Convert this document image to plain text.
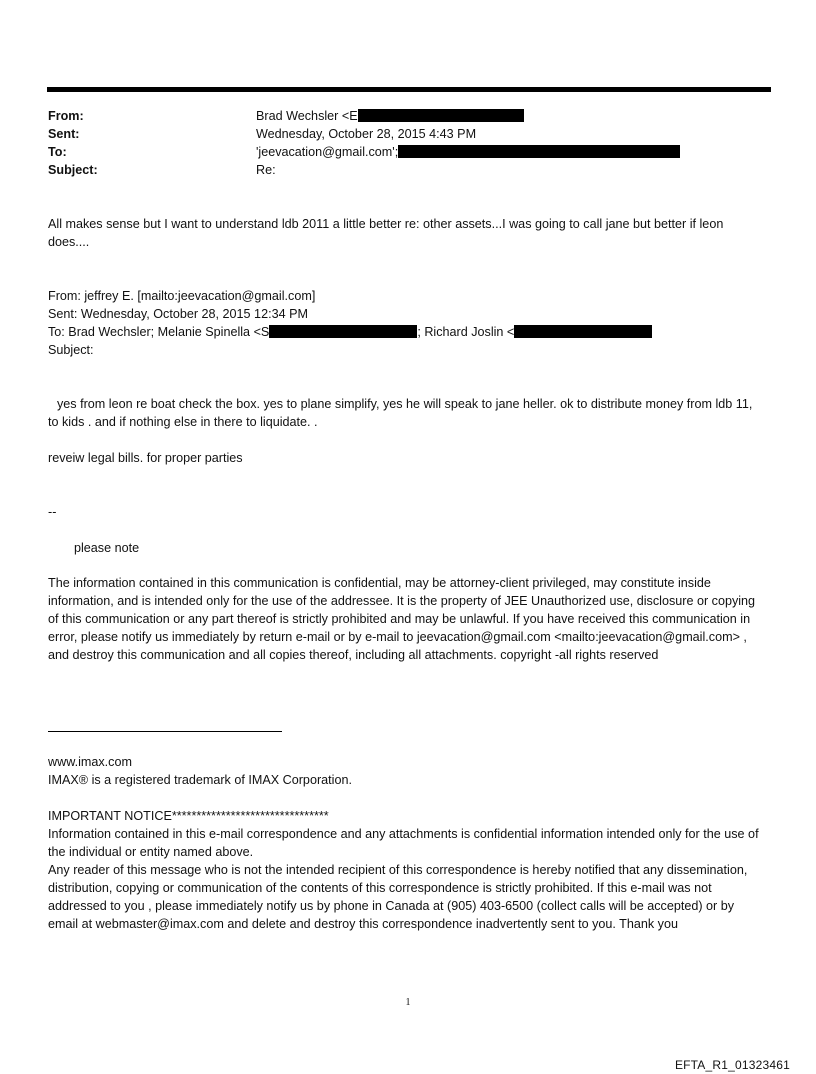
From:	Brad Wechsler <E
Sent:	Wednesday, October 28, 2015 4:43 PM
To:	'jeevacation@gmail.com';
Subject:	Re:
All makes sense but I want to understand ldb 2011 a little better re: other assets...I was going to call jane but better if leon does....
From: jeffrey E. [mailto:jeevacation@gmail.com]
Sent: Wednesday, October 28, 2015 12:34 PM
To: Brad Wechsler; Melanie Spinella <S	; Richard Joslin <
Subject:
yes from leon re boat check the box. yes to plane simplify, yes he will speak to jane heller. ok to distribute money from ldb 11, to kids . and if nothing else in there to liquidate. .
reveiw legal bills. for proper parties
--
please note
The information contained in this communication is confidential, may be attorney-client privileged, may constitute inside information, and is intended only for the use of the addressee. It is the property of JEE Unauthorized use, disclosure or copying of this communication or any part thereof is strictly prohibited and may be unlawful. If you have received this communication in error, please notify us immediately by return e-mail or by e-mail to jeevacation@gmail.com <mailto:jeevacation@gmail.com> , and destroy this communication and all copies thereof, including all attachments. copyright -all rights reserved
www.imax.com
IMAX® is a registered trademark of IMAX Corporation.
IMPORTANT NOTICE********************************
Information contained in this e-mail correspondence and any attachments is confidential information intended only for the use of the individual or entity named above.
Any reader of this message who is not the intended recipient of this correspondence is hereby notified that any dissemination, distribution, copying or communication of the contents of this correspondence is strictly prohibited. If this e-mail was not addressed to you , please immediately notify us by phone in Canada at (905) 403-6500 (collect calls will be accepted) or by email at webmaster@imax.com and delete and destroy this correspondence inadvertently sent to you. Thank you
1
EFTA_R1_01323461
